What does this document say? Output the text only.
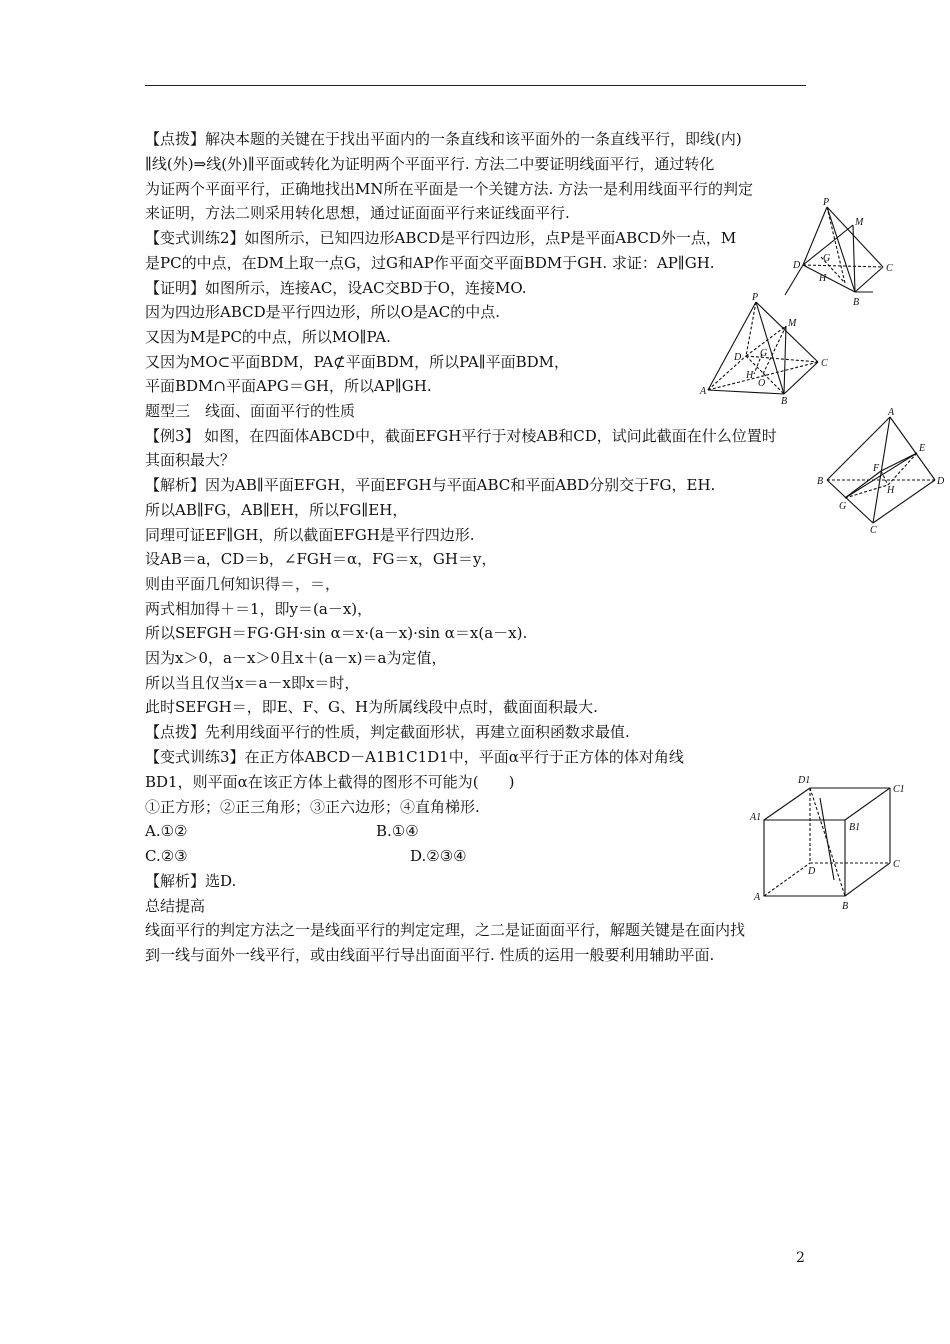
【点拨】解决本题的关键在于找出平面内的一条直线和该平面外的一条直线平行，即线(内)
∥线(外)⇒线(外)∥平面或转化为证明两个平面平行. 方法二中要证明线面平行，通过转化
为证两个平面平行，正确地找出MN所在平面是一个关键方法. 方法一是利用线面平行的判定
来证明，方法二则采用转化思想，通过证面面平行来证线面平行.
【变式训练2】如图所示，已知四边形ABCD是平行四边形，点P是平面ABCD外一点，M
是PC的中点，在DM上取一点G，过G和AP作平面交平面BDM于GH. 求证：AP∥GH.
【证明】如图所示，连接AC，设AC交BD于O，连接MO.
因为四边形ABCD是平行四边形，所以O是AC的中点.
又因为M是PC的中点，所以MO∥PA.
又因为MO⊂平面BDM，PA⊄平面BDM，所以PA∥平面BDM，
平面BDM∩平面APG＝GH，所以AP∥GH.
题型三　线面、面面平行的性质
【例3】 如图，在四面体ABCD中，截面EFGH平行于对棱AB和CD，试问此截面在什么位置时
其面积最大？
【解析】因为AB∥平面EFGH，平面EFGH与平面ABC和平面ABD分别交于FG，EH.
所以AB∥FG，AB∥EH，所以FG∥EH，
同理可证EF∥GH，所以截面EFGH是平行四边形.
设AB＝a，CD＝b，∠FGH＝α，FG＝x，GH＝y，
则由平面几何知识得＝，＝，
两式相加得＋＝1，即y＝(a－x)，
所以SEFGH＝FG·GH·sin α＝x·(a－x)·sin α＝x(a－x).
因为x＞0，a－x＞0且x＋(a－x)＝a为定值，
所以当且仅当x＝a－x即x＝时，
此时SEFGH＝，即E、F、G、H为所属线段中点时，截面面积最大.
【点拨】先利用线面平行的性质，判定截面形状，再建立面积函数求最值.
【变式训练3】在正方体ABCD－A1B1C1D1中，平面α平行于正方体的体对角线
BD1，则平面α在该正方体上截得的图形不可能为(　　)
①正方形；②正三角形；③正六边形；④直角梯形.
A.①②	B.①④
C.②③	D.②③④
【解析】选D.
总结提高
线面平行的判定方法之一是线面平行的判定定理，之二是证面面平行，解题关键是在面内找
到一线与面外一线平行，或由线面平行导出面面平行. 性质的运用一般要利用辅助平面.
P
M
D
G
C
H
B
P
M
D G
H
O
C
A
B
A
E
B
F
H
D
G
C
D1
C1
A1
B1
D
C
A
B
2
